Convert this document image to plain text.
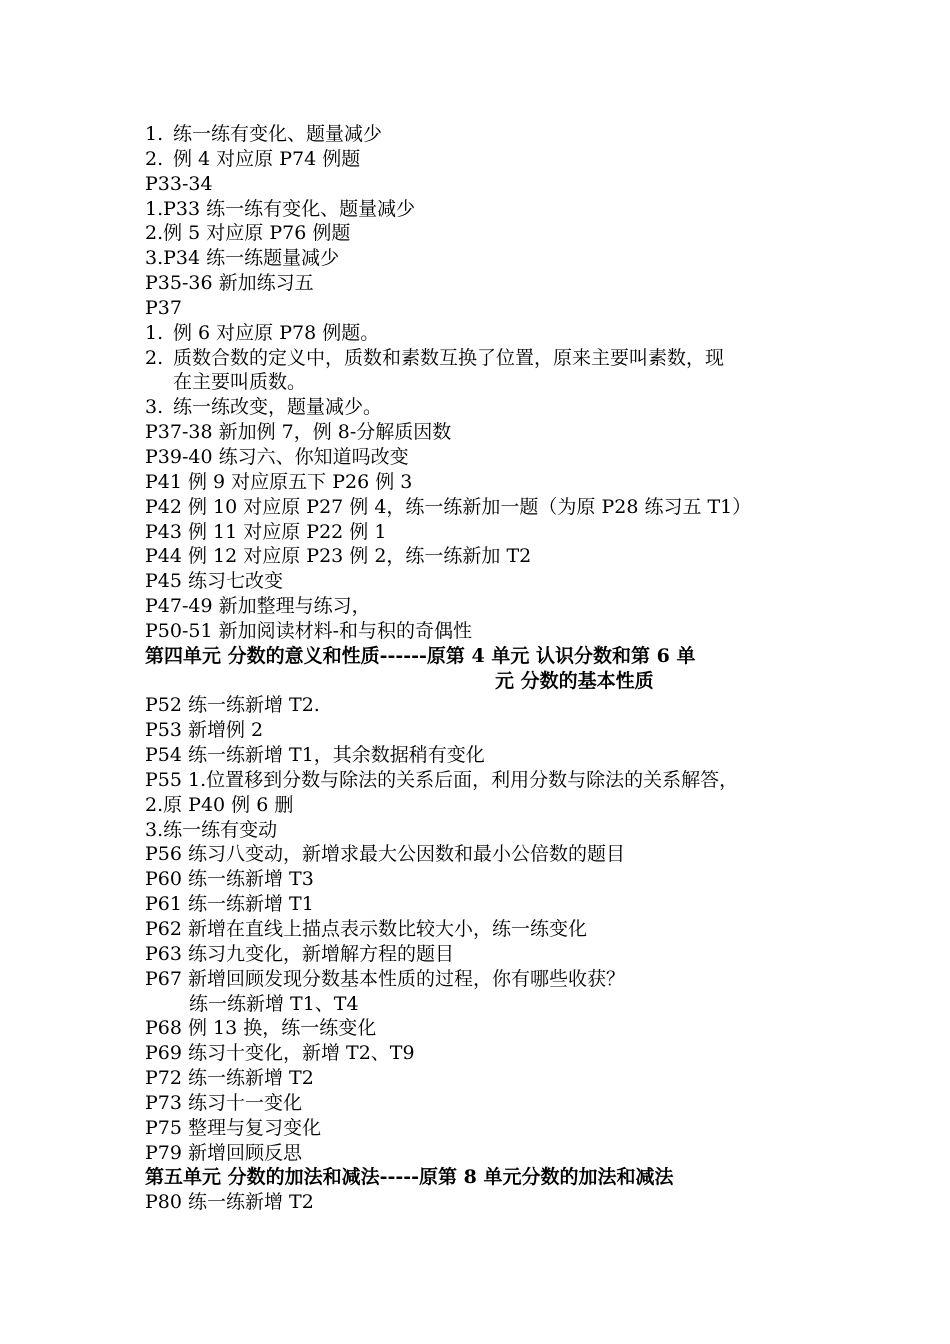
1. 练一练有变化、题量减少
2. 例 4 对应原 P74 例题
P33-34
1.P33 练一练有变化、题量减少
2.例 5 对应原 P76 例题
3.P34 练一练题量减少
P35-36 新加练习五
P37
1. 例 6 对应原 P78 例题。
2. 质数合数的定义中，质数和素数互换了位置，原来主要叫素数，现
在主要叫质数。
3. 练一练改变，题量减少。
P37-38 新加例 7，例 8-分解质因数
P39-40 练习六、你知道吗改变
P41 例 9 对应原五下 P26 例 3
P42 例 10 对应原 P27 例 4，练一练新加一题（为原 P28 练习五 T1）
P43 例 11 对应原 P22 例 1
P44 例 12 对应原 P23 例 2，练一练新加 T2
P45 练习七改变
P47-49 新加整理与练习，
P50-51 新加阅读材料-和与积的奇偶性
第四单元 分数的意义和性质------原第 4 单元 认识分数和第 6 单
元 分数的基本性质
P52 练一练新增 T2.
P53 新增例 2
P54 练一练新增 T1，其余数据稍有变化
P55 1.位置移到分数与除法的关系后面，利用分数与除法的关系解答，
2.原 P40 例 6 删
3.练一练有变动
P56 练习八变动，新增求最大公因数和最小公倍数的题目
P60 练一练新增 T3
P61 练一练新增 T1
P62 新增在直线上描点表示数比较大小，练一练变化
P63 练习九变化，新增解方程的题目
P67 新增回顾发现分数基本性质的过程，你有哪些收获？
练一练新增 T1、T4
P68 例 13 换，练一练变化
P69 练习十变化，新增 T2、T9
P72 练一练新增 T2
P73 练习十一变化
P75 整理与复习变化
P79 新增回顾反思
第五单元 分数的加法和减法-----原第 8 单元分数的加法和减法
P80 练一练新增 T2
